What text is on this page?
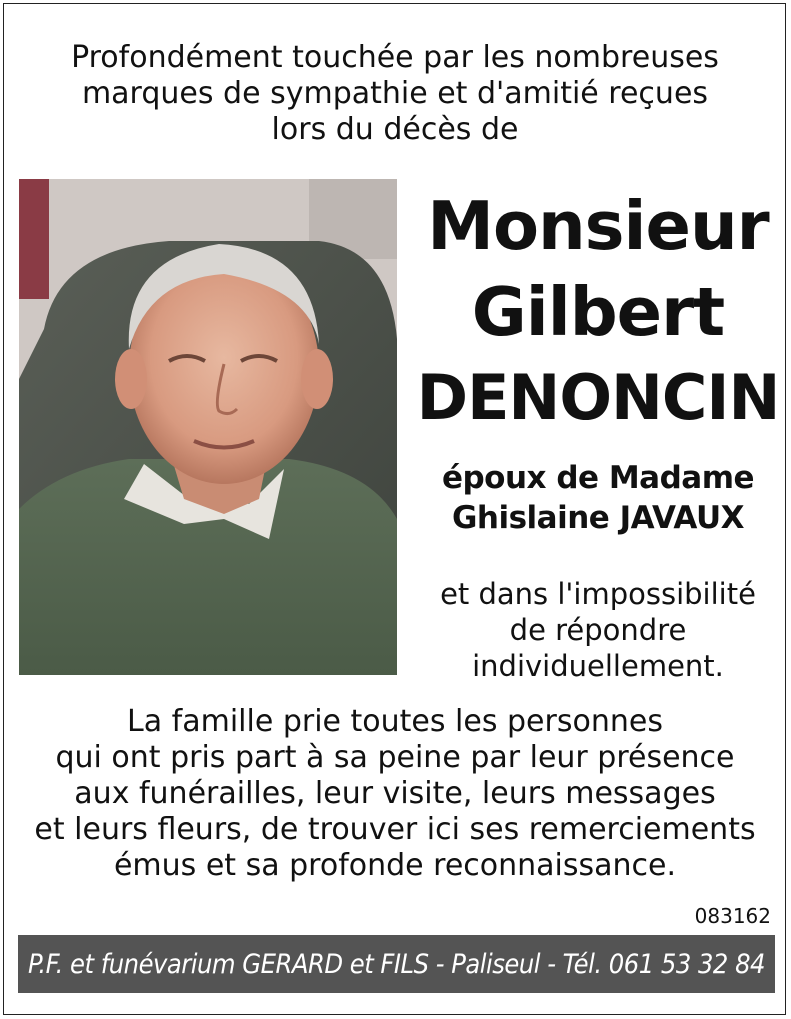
Profondément touchée par les nombreuses
marques de sympathie et d'amitié reçues
lors du décès de
Monsieur
Gilbert
DENONCIN
époux de Madame
Ghislaine JAVAUX
et dans l'impossibilité
de répondre
individuellement.
La famille prie toutes les personnes
qui ont pris part à sa peine par leur présence
aux funérailles, leur visite, leurs messages
et leurs fleurs, de trouver ici ses remerciements
émus et sa profonde reconnaissance.
083162
P.F. et funévarium GERARD et FILS - Paliseul - Tél. 061 53 32 84
